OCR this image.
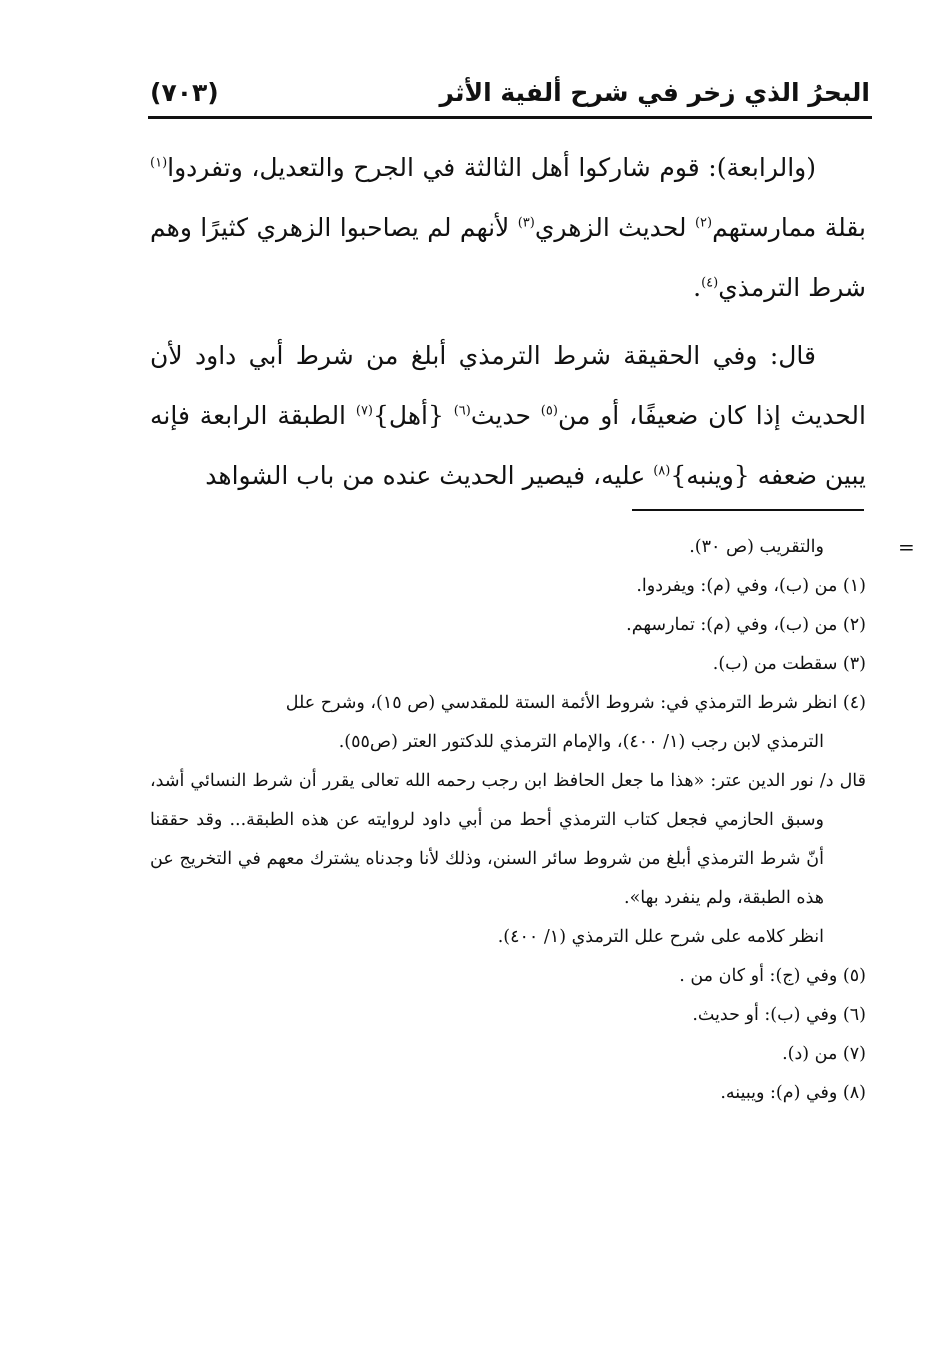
البحرُ الذي زخر في شرح ألفية الأثر
(٧٠٣)

(والرابعة): قوم شاركوا أهل الثالثة في الجرح والتعديل، وتفردوا$^{(١)}$ بقلة ممارستهم$^{(٢)}$ لحديث الزهري$^{(٣)}$ لأنهم لم يصاحبوا الزهري كثيرًا وهم شرط الترمذي$^{(٤)}$.

قال: وفي الحقيقة شرط الترمذي أبلغ من شرط أبي داود لأن الحديث إذا كان ضعيفًا، أو من$^{(٥)}$ حديث$^{(٦)}$ {أهل}$^{(٧)}$ الطبقة الرابعة فإنه يبين ضعفه {وينبه}$^{(٨)}$ عليه، فيصير الحديث عنده من باب الشواهد

=

والتقريب (ص ٣٠).

(١) من (ب)، وفي (م): ويفردوا.

(٢) من (ب)، وفي (م): تمارسهم.

(٣) سقطت من (ب).

(٤) انظر شرط الترمذي في: شروط الأئمة الستة للمقدسي (ص ١٥)، وشرح علل

الترمذي لابن رجب (١/ ٤٠٠)، والإمام الترمذي للدكتور العتر (ص٥٥).

قال د/ نور الدين عتر: «هذا ما جعل الحافظ ابن رجب رحمه الله تعالى يقرر أن شرط النسائي أشد، وسبق الحازمي فجعل كتاب الترمذي أحط من أبي داود لروايته عن هذه الطبقة... وقد حققنا أنّ شرط الترمذي أبلغ من شروط سائر السنن، وذلك لأنا وجدناه يشترك معهم في التخريج عن هذه الطبقة، ولم ينفرد بها».

انظر كلامه على شرح علل الترمذي (١/ ٤٠٠).

(٥) وفي (ج): أو كان من .

(٦) وفي (ب): أو حديث.

(٧) من (د).

(٨) وفي (م): ويبينه.
